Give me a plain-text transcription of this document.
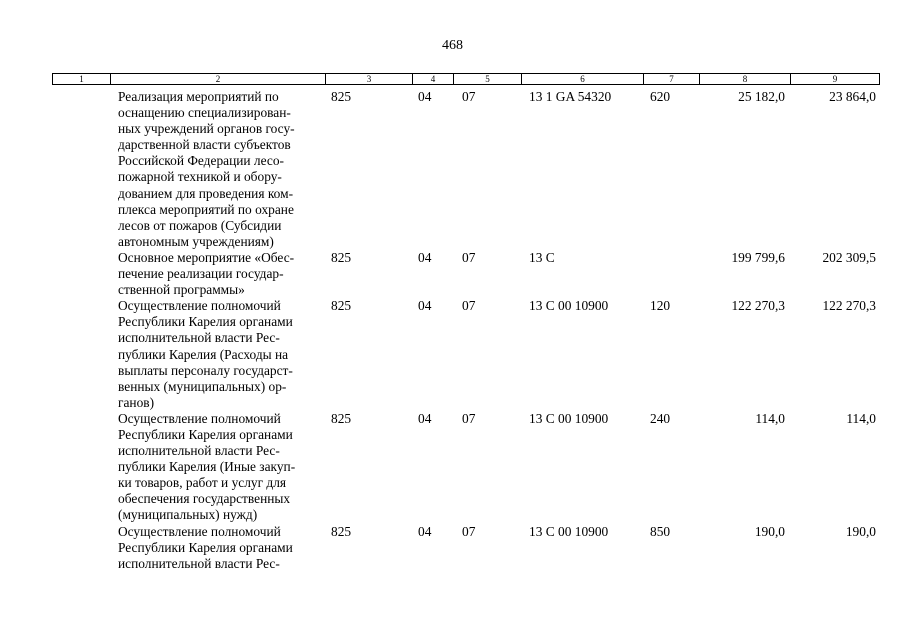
468
1	2	3	4	5	6	7	8	9
Реализация мероприятий по
оснащению специализирован-
ных учреждений органов госу-
дарственной власти субъектов
Российской Федерации лесо-
пожарной техникой и обору-
дованием для проведения ком-
плекса мероприятий по охране
лесов от пожаров (Субсидии
автономным учреждениям)
825	04 07	13 1 GA 54320	620	25 182,0	23 864,0
Основное мероприятие «Обес-
печение реализации государ-
ственной программы»
825	04 07	13 С	199 799,6	202 309,5
Осуществление полномочий
Республики Карелия органами
исполнительной власти Рес-
публики Карелия (Расходы на
выплаты персоналу государст-
венных (муниципальных) ор-
ганов)
825	04 07	13 С 00 10900	120	122 270,3	122 270,3
Осуществление полномочий
Республики Карелия органами
исполнительной власти Рес-
публики Карелия (Иные закуп-
ки товаров, работ и услуг для
обеспечения государственных
(муниципальных) нужд)
825	04 07	13 С 00 10900	240	114,0	114,0
Осуществление полномочий
Республики Карелия органами
исполнительной власти Рес-
825	04 07	13 С 00 10900	850	190,0	190,0
